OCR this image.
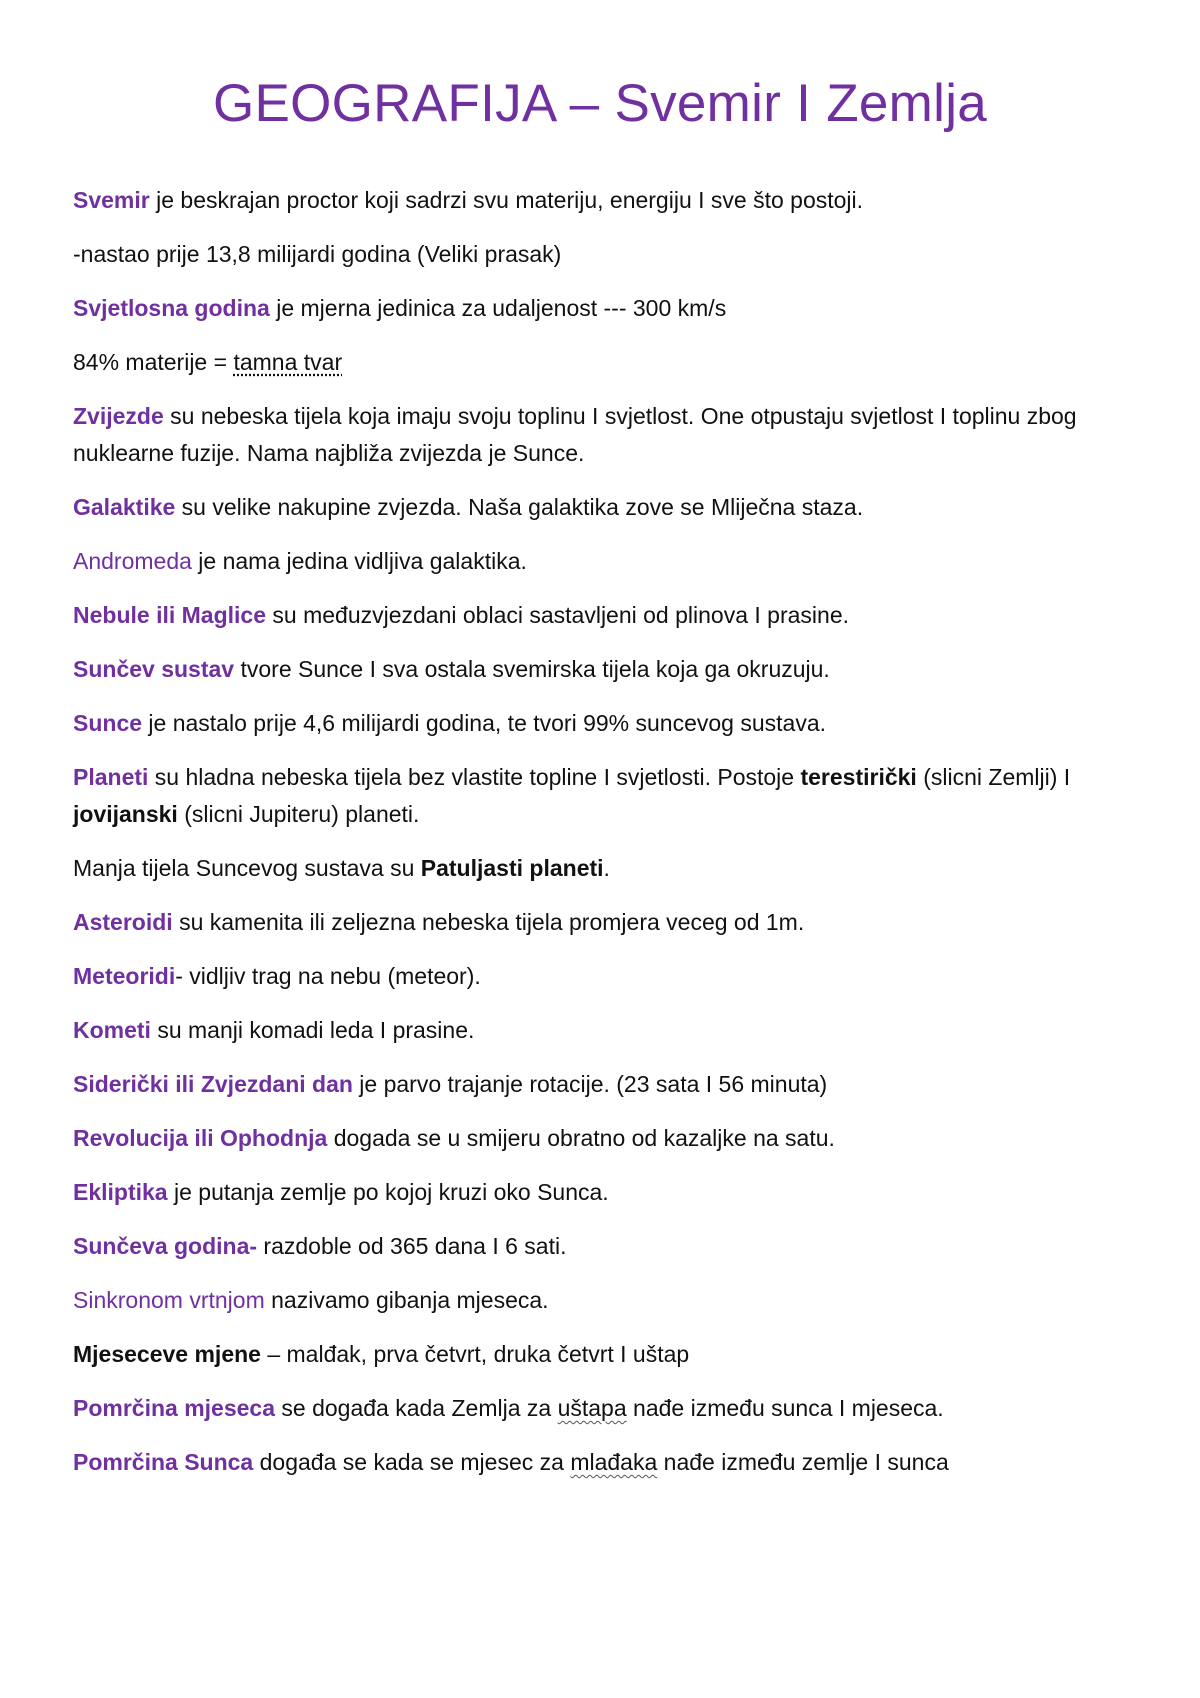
GEOGRAFIJA – Svemir I Zemlja

Svemir je beskrajan proctor koji sadrzi svu materiju, energiju I sve što postoji.

-nastao prije 13,8 milijardi godina (Veliki prasak)

Svjetlosna godina je mjerna jedinica za udaljenost --- 300 km/s

84% materije = tamna tvar

Zvijezde su nebeska tijela koja imaju svoju toplinu I svjetlost. One otpustaju svjetlost I toplinu zbog nuklearne fuzije. Nama najbliža zvijezda je Sunce.

Galaktike su velike nakupine zvjezda. Naša galaktika zove se Mliječna staza.

Andromeda je nama jedina vidljiva galaktika.

Nebule ili Maglice su međuzvjezdani oblaci sastavljeni od plinova I prasine.

Sunčev sustav tvore Sunce I sva ostala svemirska tijela koja ga okruzuju.

Sunce je nastalo prije 4,6 milijardi godina, te tvori 99% suncevog sustava.

Planeti su hladna nebeska tijela bez vlastite topline I svjetlosti. Postoje terestirički (slicni Zemlji) I jovijanski (slicni Jupiteru) planeti.

Manja tijela Suncevog sustava su Patuljasti planeti.

Asteroidi su kamenita ili zeljezna nebeska tijela promjera veceg od 1m.

Meteoridi- vidljiv trag na nebu (meteor).

Kometi su manji komadi leda I prasine.

Siderički ili Zvjezdani dan je parvo trajanje rotacije. (23 sata I 56 minuta)

Revolucija ili Ophodnja dogada se u smijeru obratno od kazaljke na satu.

Ekliptika je putanja zemlje po kojoj kruzi oko Sunca.

Sunčeva godina- razdoble od 365 dana I 6 sati.

Sinkronom vrtnjom nazivamo gibanja mjeseca.

Mjeseceve mjene – malđak, prva četvrt, druka četvrt I uštap

Pomrčina mjeseca se događa kada Zemlja za uštapa nađe između sunca I mjeseca.

Pomrčina Sunca događa se kada se mjesec za mlađaka nađe između zemlje I sunca
